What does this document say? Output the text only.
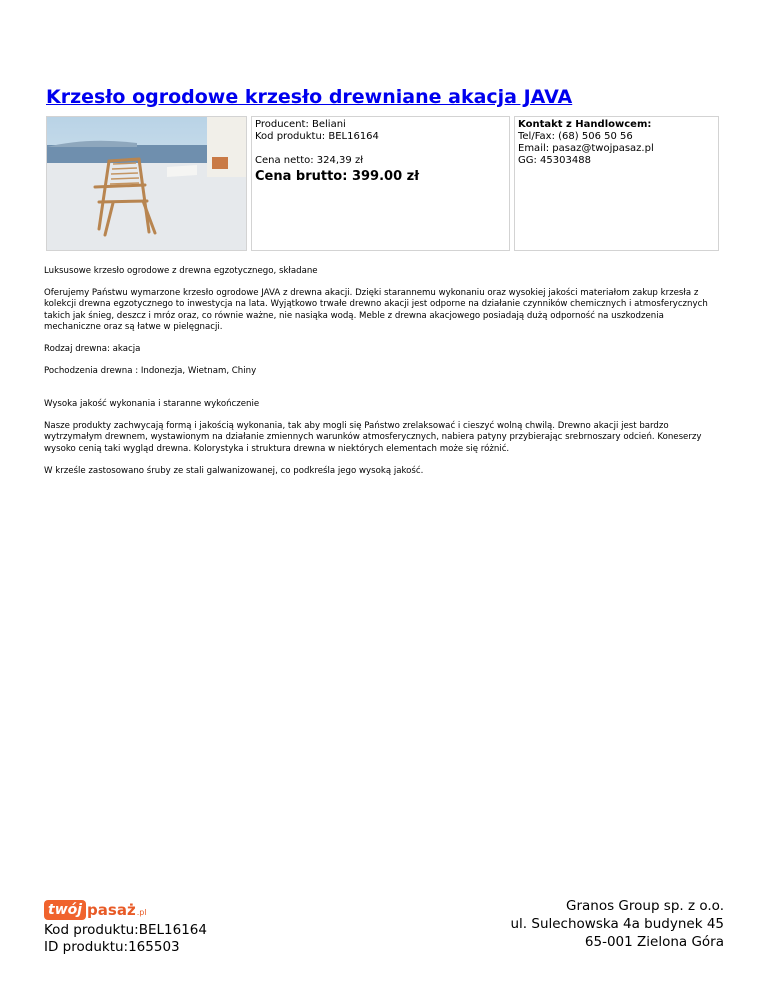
Krzesło ogrodowe krzesło drewniane akacja JAVA
Producent: Beliani
Kod produktu: BEL16164
Cena netto: 324,39 zł
Cena brutto: 399.00 zł
Kontakt z Handlowcem:
Tel/Fax: (68) 506 50 56
Email: pasaz@twojpasaz.pl
GG: 45303488

Luksusowe krzesło ogrodowe z drewna egzotycznego, składane

Oferujemy Państwu wymarzone krzesło ogrodowe JAVA z drewna akacji. Dzięki starannemu wykonaniu oraz wysokiej jakości materiałom zakup krzesła z kolekcji drewna egzotycznego to inwestycja na lata. Wyjątkowo trwałe drewno akacji jest odporne na działanie czynników chemicznych i atmosferycznych takich jak śnieg, deszcz i mróz oraz, co równie ważne, nie nasiąka wodą. Meble z drewna akacjowego posiadają dużą odporność na uszkodzenia mechaniczne oraz są łatwe w pielęgnacji.

Rodzaj drewna: akacja

Pochodzenia drewna : Indonezja, Wietnam, Chiny

Wysoka jakość wykonania i staranne wykończenie

Nasze produkty zachwycają formą i jakością wykonania, tak aby mogli się Państwo zrelaksować i cieszyć wolną chwilą. Drewno akacji jest bardzo wytrzymałym drewnem, wystawionym na działanie zmiennych warunków atmosferycznych, nabiera patyny przybierając srebrnoszary odcień. Koneserzy wysoko cenią taki wygląd drewna. Kolorystyka i struktura drewna w niektórych elementach może się różnić.

W krześle zastosowano śruby ze stali galwanizowanej, co podkreśla jego wysoką jakość.

twój pasaż .pl
Kod produktu:BEL16164
ID produktu:165503
Granos Group sp. z o.o.
ul. Sulechowska 4a budynek 45
65-001 Zielona Góra
